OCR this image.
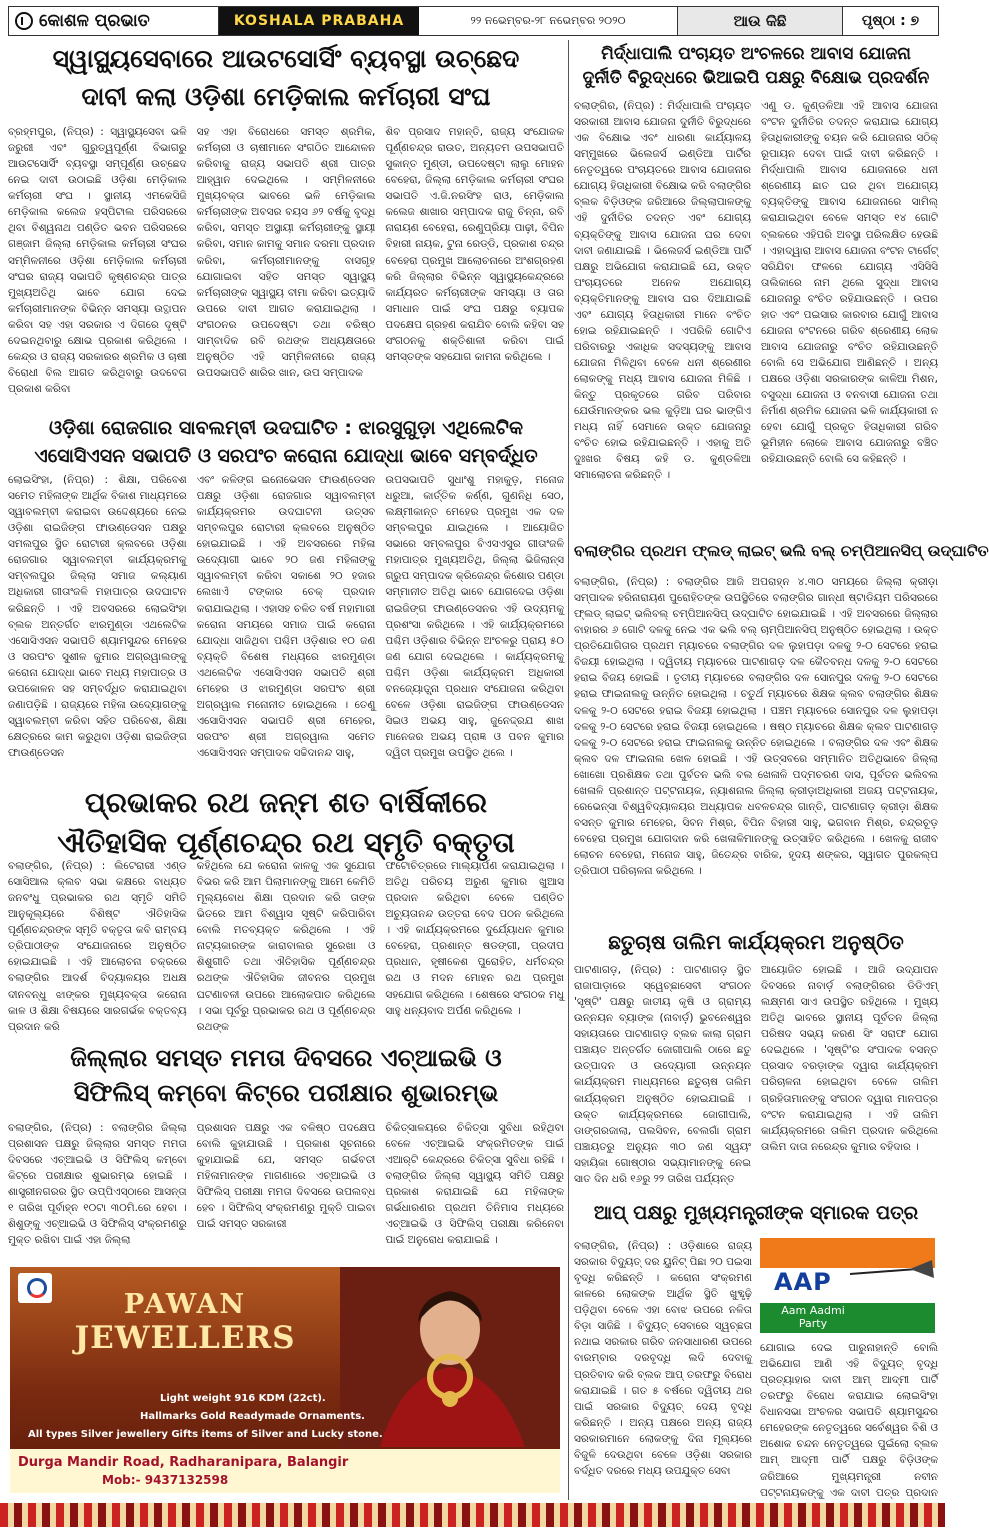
କୋଶଳ ପ୍ରଭାତ	KOSHALA PRABAHA	୨୨ ନଭେମ୍ବର-୨୮ ନଭେମ୍ବର ୨୦୨୦	ଆଉ କିଛି	ପୃଷ୍ଠା : ୭
ସ୍ୱାସ୍ଥ୍ୟସେବାରେ ଆଉଟସୋର୍ସିଂ ବ୍ୟବସ୍ଥା ଉଚ୍ଛେଦ
ଦାବୀ କଲା ଓଡ଼ିଶା ମେଡ଼ିକାଲ କର୍ମଚାରୀ ସଂଘ
ବ୍ରହ୍ମପୁର, (ନିପ୍ର) : ସ୍ୱାସ୍ଥ୍ୟସେବା ଭଳି ଜରୁରୀ ଏବଂ ଗୁରୁତ୍ୱପୂର୍ଣ୍ଣ ବିଭାଗରୁ ଆଉଟସୋର୍ସିଂ ବ୍ୟବସ୍ଥା ସମ୍ପୂର୍ଣ୍ଣ ଉଚ୍ଛେଦ ନେଇ ଦାବୀ ଉଠାଇଛି ଓଡ଼ିଶା ମେଡ଼ିକାଲ କର୍ମଚାରୀ ସଂଘ । ସ୍ଥାନୀୟ ଏମକେସିଜି ମେଡ଼ିକାଲ କଲେଜ ହସ୍ପିଟାଲ ପରିସରରେ ଥିବା ବିଶ୍ୱନାଥ ପଣ୍ଡିତ ଭବନ ପରିସରରେ ଗଞ୍ଜାମ ଜିଲ୍ଲା ମେଡ଼ିକାଲ କର୍ମଚାରୀ ସଂଘର ସମ୍ମିଳନୀରେ ଓଡ଼ିଶା ମେଡ଼ିକାଲ କର୍ମଚାରୀ ସଂଘର ରାଜ୍ୟ ସଭାପତି କୃଷ୍ଣଚନ୍ଦ୍ର ପାତ୍ର ମୁଖ୍ୟଅତିଥି ଭାବେ ଯୋଗ ଦେଇ କର୍ମଚାରୀମାନଙ୍କ ବିଭିନ୍ନ ସମସ୍ୟା ଉତ୍ଥାପନ କରିବା ସହ ଏହା ସରକାର ଏ ଦିଗରେ ଦୃଷ୍ଟି ଦେଇନଥିବାରୁ କ୍ଷୋଭ ପ୍ରକାଶ କରିଥିଲେ । କେନ୍ଦ୍ର ଓ ରାଜ୍ୟ ସରକାରର ଶ୍ରମିକ ଓ ଚାଷୀ ବିରୋଧୀ ବିଲ ଆଗତ କରିଥିବାରୁ ଉଦବେଗ ପ୍ରକାଶ କରିବା
ସହ ଏହା ବିରୋଧରେ ସମସ୍ତ ଶ୍ରମିକ, କର୍ମଚାରୀ ଓ ଚାଷୀମାନେ ସଂଗଠିତ ଆନ୍ଦୋଳନ କରିବାକୁ ରାଜ୍ୟ ସଭାପତି ଶ୍ରୀ ପାତ୍ର ଆହ୍ୱାନ ଦେଇଥିଲେ । ସମ୍ମିଳନୀରେ ମୁଖ୍ୟବକ୍ତା ଭାବରେ ଭଳି ମେଡ଼ିକାଲ କର୍ମଚାରୀଙ୍କ ଅବସର ବୟସ ୬୨ ବର୍ଷକୁ ବୃଦ୍ଧି କରିବା, ସମସ୍ତ ଅସ୍ଥାୟୀ କର୍ମଚାରୀଙ୍କୁ ସ୍ଥାୟୀ କରିବା, ସମାନ କାମକୁ ସମାନ ଦରମା ପ୍ରଦାନ କରିବା, କର୍ମଚାରୀମାନଙ୍କୁ ବାସଗୃହ ଯୋଗାଇବା ସହିତ ସମସ୍ତ ସ୍ୱାସ୍ଥ୍ୟ କର୍ମଚାରୀଙ୍କ ସ୍ୱାସ୍ଥ୍ୟ ବୀମା କରିବା ଇତ୍ୟାଦି ଉପରେ ଦାବୀ ଆଗତ କରାଯାଇଥିଲା । ସଂଗଠନର ଉପଦେଷ୍ଟା ତଥା ବରିଷ୍ଠ ସାମ୍ବାଦିକ ରବି ରଥଙ୍କ ଅଧ୍ୟକ୍ଷତାରେ ଅନୁଷ୍ଠିତ ଏହି ସମ୍ମିଳନୀରେ ରାଜ୍ୟ ଉପସଭାପତି ଶାରିର ଖାନ, ଉପ ସମ୍ପାଦକ
ଶିବ ପ୍ରସାଦ ମହାନ୍ତି, ରାଜ୍ୟ ସଂଯୋଜକ ପୂର୍ଣ୍ଣଚନ୍ଦ୍ର ରାଉତ, ଅନ୍ୟତମ ଉପସଭାପତି ସୁକାନ୍ତ ମୁଣ୍ଡୀ, ଉପଦେଷ୍ଟା ଲାଲୁ ମୋହନ ବେହେରା, ଜିଲ୍ଲା ମେଡ଼ିକାଲ କର୍ମଚାରୀ ସଂଘର ସଭାପତି ଏ.ଜି.ନରସିଂହ ରାଓ, ମେଡ଼ିକାଲ କଲେଜ ଶାଖାର ସମ୍ପାଦକ ରାଜୁ ଚିନ୍ନା, ରବି ନାରାୟଣ ବେହେରା, ରେଣୁପ୍ରିୟା ପାଢ଼ୀ, ବିପିନ ବିହାରୀ ନାୟକ, ଟୁନା ରେଡ୍ଡି, ପ୍ରକାଶ ଚନ୍ଦ୍ର ବେହେରା ପ୍ରମୁଖ ଆଲୋଚନାରେ ଅଂଶଗ୍ରହଣ କରି ଜିଲ୍ଲାର ବିଭିନ୍ନ ସ୍ୱାସ୍ଥ୍ୟକେନ୍ଦ୍ରରେ କାର୍ଯ୍ୟରତ କର୍ମଚାରୀଙ୍କ ସମସ୍ୟା ଓ ତାର ସମାଧାନ ପାଇଁ ସଂଘ ପକ୍ଷରୁ ବ୍ୟାପକ ପଦକ୍ଷେପ ଗ୍ରହଣ କରାଯିବ ବୋଲି କହିବା ସହ ସଂଗଠନକୁ ଶକ୍ତିଶାଳୀ କରିବା ପାଇଁ ସମସ୍ତଙ୍କ ସହଯୋଗ କାମନା କରିଥିଲେ ।
ଓଡ଼ିଶା ରୋଜଗାର ସାବଲମ୍ବୀ ଉଦଘାଟିତ : ଝାରସୁଗୁଡ଼ା ଏଥିଲେଟିକ
ଏସୋସିଏସନ ସଭାପତି ଓ ସରପଂଚ କରୋନା ଯୋଦ୍ଧା ଭାବେ ସମ୍ବର୍ଦ୍ଧିତ
ଲୋଇସିଂହା, (ନିପ୍ର) : ଶିକ୍ଷା, ପରିବେଶ ସମେତ ମହିଳାଙ୍କ ଆର୍ଥିକ ବିକାଶ ମାଧ୍ୟମରେ ସ୍ୱାବଲମ୍ବୀ କରାଇବା ଉଦ୍ଦେଶ୍ୟରେ ନେଇ ଓଡ଼ିଶା ରାଇଜିଙ୍ଗ ଫାଉଣ୍ଡେସନ ପକ୍ଷରୁ ସମଲପୁର ସ୍ଥିତ ରୋଟାରୀ କ୍ଲବରେ ଓଡ଼ିଶା ରୋଜଗାର ସ୍ୱାବଲମ୍ବୀ କାର୍ଯ୍ୟକ୍ରମକୁ ସମ୍ବଲପୁର ଜିଲ୍ଲା ସମାଜ କଲ୍ୟାଣ ଅଧିକାରୀ ଗୀତାଂଜଳି ମହାପାତ୍ର ଉଦଘାଟନ କରିଛନ୍ତି । ଏହି ଅବସରରେ ଲୋଇସିଂହା ବ୍ଲକ ଅନ୍ତର୍ଗତ ଝାରମୁଣ୍ଡା ଏଥଲେଟିକ ଏସୋସିଏସନ ସଭାପତି ଶ୍ୟାମସୁନ୍ଦର ମେହେର ଓ ସରପଂଚ ସୁଶୀଳ କୁମାର ଅଗ୍ରୱାଲଙ୍କୁ କରୋନା ଯୋଦ୍ଧା ଭାବେ ମଧ୍ୟ ମହାପାତ୍ର ଓ ଉପକୋଳନ ସହ ସମ୍ବର୍ଦ୍ଧିତ କରାଯାଇଥିବା ଜଣାପଡ଼ିଛି । ରାଜ୍ୟରେ ମହିଳା ଉଦ୍ୟୋଗଙ୍କୁ ସ୍ୱାବଲମ୍ବୀ କରିବା ସହିତ ପରିବେଶ, ଶିକ୍ଷା କ୍ଷେତ୍ରରେ କାମ କରୁଥିବା ଓଡ଼ିଶା ରାଇଜିଙ୍ଗ ଫାଉଣ୍ଡେସନ
ଏବଂ କଳିଙ୍ଗ ଇନୋଭେସନ ଫାଉଣ୍ଡେସନ ପକ୍ଷରୁ ଓଡ଼ିଶା ରୋଜଗାର ସ୍ୱାବଲମ୍ବୀ କାର୍ଯ୍ୟକ୍ରମର ଉଦଘାଟନୀ ଉତ୍ସବ ସମ୍ବଲପୁର ରୋଟାରୀ କ୍ଲବରେ ଅନୁଷ୍ଠିତ ହୋଇଯାଇଛି । ଏହି ଅବସରରେ ମହିଳା ଉଦ୍ୟୋଗୀ ଭାବେ ୨୦ ଜଣ ମହିଳାଙ୍କୁ ସ୍ୱାବଲମ୍ବୀ କରିବା ସକାଶେ ୨୦ ହଜାର ଲେଖାଏଁ ଟଙ୍କାର ଚେକ୍ ପ୍ରଦାନ କରାଯାଇଥିଲା । ଏହାସହ ଚଳିତ ବର୍ଷ ମହାମାରୀ କରୋନା ସମୟରେ ସମାଜ ପାଇଁ କରୋନା ଯୋଦ୍ଧା ସାଜିଥିବା ପଶ୍ଚିମ ଓଡ଼ିଶାର ୧୦ ଜଣ ବ୍ୟକ୍ତି ବିଶେଷ ମଧ୍ୟରେ ଝାରମୁଣ୍ଡା ଏଥଲେଟିକ ଏସୋସିଏସନ ସଭାପତି ଶ୍ରୀ ମେହେର ଓ ଝାରମୁଣ୍ଡା ସରପଂଚ ଶ୍ରୀ ଅଗ୍ରୱାଲ ମନୋନୀତ ହୋଇଥିଲେ । ତେଣୁ ଏସୋସିଏସନ ସଭାପତି ଶ୍ରୀ ମେହେର, ସରପଂଚ ଶ୍ରୀ ଅଗ୍ରୱାଲ ସମେତ ଏସୋସିଏସନ ସମ୍ପାଦକ ସଚ୍ଚିଦାନନ୍ଦ ସାହୁ,
ଉପସଭାପତି ସୁଧାଂଶୁ ମହାକୁଡ଼, ମନୋଜ ଧରୁଆ, କାର୍ତ୍ତିକ କର୍ଣ୍ଣ, ଗୁଣନିଧି ସେଠ, ଲକ୍ଷ୍ମୀକାନ୍ତ ମେହେର ପ୍ରମୁଖ ଏକ ଦଳ ସମ୍ବଲପୁର ଯାଇଥିଲେ । ଆୟୋଜିତ ସଭାରେ ସମ୍ବଲପୁର ବିଏସଏସୁର ଗୀତାଂଜଳି ମହାପାତ୍ର ମୁଖ୍ୟଅତିଥି, ଜିଲ୍ଲା ଭିଜିଲାନ୍ସ ଗ୍ରୁପ ସମ୍ପାଦକ କ୍ରିଜେନ୍ଦ୍ର କିଶୋର ପଣ୍ଡା ସମ୍ମାନୀତ ଅତିଥି ଭାବେ ଯୋଗଦେଇ ଓଡ଼ିଶା ରାଇଜିଙ୍ଗ ଫାଉଣ୍ଡେସନର ଏହି ଉଦ୍ୟମକୁ ପ୍ରଶଂସା କରିଥିଲେ । ଏହି କାର୍ଯ୍ୟକ୍ରମରେ ପଶ୍ଚିମ ଓଡ଼ିଶାର ବିଭିନ୍ନ ଅଂଚଳରୁ ପ୍ରାୟ ୫୦ ଜଣ ଯୋଗ ଦେଇଥିଲେ । କାର୍ଯ୍ୟକ୍ରମକୁ ପଶ୍ଚିମ ଓଡ଼ିଶା କାର୍ଯ୍ୟକ୍ରମ ଅଧିକାରୀ ବନଜ୍ୟୋତ୍ସ୍ନା ପ୍ରଧାନ ସଂଯୋଜନା କରିଥିବା ବେଳେ ଓଡ଼ିଶା ରାଇଜିଙ୍ଗ ଫାଉଣ୍ଡେସନ ସିଇଓ ଅଭୟ ସାହୁ, ଜୁନେଦ୍ଦ୍ରଯ ଶାଖ ମାନେଜର ଅଭୟ ପ୍ରାଜ୍ଞ ଓ ପବନ କୁମାର ଦ୍ୱିତୀ ପ୍ରମୁଖ ଉପସ୍ଥିତ ଥିଲେ ।
ପ୍ରଭାକର ରଥ ଜନ୍ମ ଶତ ବାର୍ଷିକୀରେ
ଐତିହାସିକ ପୂର୍ଣ୍ଣଚନ୍ଦ୍ର ରଥ ସ୍ମୃତି ବକ୍ତୃତା
ବଲାଙ୍ଗିର, (ନିପ୍ର) : ଲିଟେରାରୀ ଏଣ୍ଡ ସୋସିଆଲ କ୍ଲବ ସଭା କକ୍ଷରେ ବାଧ୍ୟତ ଜନବଂଧୁ ପ୍ରଭାକର ରଥ ସ୍ମୃତି ସମିତି ଆନୁକୂଲ୍ୟରେ ବିଶିଷ୍ଟ ଐତିହାସିକ ପୂର୍ଣ୍ଣଚନ୍ଦ୍ରଙ୍କ ସ୍ମୃତି ବକ୍ତୃତା କବି ରାମ୍ବୟ ତ୍ରିପାଠୀଙ୍କ ସଂଯୋଜନାରେ ଅନୁଷ୍ଠିତ ହୋଇଯାଇଛି । ଏହି ଆଲୋଚନା ଚକ୍ରରେ ବଲାଙ୍ଗିର ଆଦର୍ଶ ବିଦ୍ୟାଳୟର ଅଧକ୍ଷ ଦୀନବନ୍ଧୁ ଝାଙ୍କର ମୁଖ୍ୟବକ୍ତା କରୋନା କାଳ ଓ ଶିକ୍ଷା ବିଷୟରେ ସାରଗର୍ଭକ ବକ୍ତବ୍ୟ ପ୍ରଦାନ କରି
କହିଥିଲେ ଯେ କରୋନା କାଳକୁ ଏକ ସୁଯୋଗ ବିଭର କରି ଆମ ପିଲାମାନଙ୍କୁ ଆମେ କେମିତି ମୂଲ୍ୟବୋଧ ଶିକ୍ଷା ପ୍ରଦାନ କରି ତାଙ୍କ ଭିତରେ ଆମ ବିଶ୍ୱାସ ସୃଷ୍ଟି କରିପାରିବା ବୋଲି ମତବ୍ୟକ୍ତ କରିଥିଲେ । ଏହି ନାଟ୍ୟକାରଙ୍କ କାରାବାଲର ସୁରେଖା ଓ ଶିଶୁଗୀତି ତଥା ଐତିହାସିକ ପୂର୍ଣ୍ଣଚନ୍ଦ୍ର ରଥଙ୍କ ଐତିହାସିକ ଜୀବନର ପ୍ରମୁଖ ଘଟଣାବଳୀ ଉପରେ ଆଲୋକପାତ କରିଥିଲେ । ସଭା ପୂର୍ବରୁ ପ୍ରଭାକର ରଥ ଓ ପୂର୍ଣ୍ଣଚନ୍ଦ୍ର ରଥଙ୍କ
ଫଟୋଚିତ୍ରରେ ମାଲ୍ୟାର୍ପଣ କରାଯାଇଥିଲା । ଅତିଥି ପରିଚୟ ଅରୁଣ କୁମାର ଖୁଆସ ପ୍ରଦାନ କରିଥିବା ବେଳେ ପଣ୍ଡିତ ଅଚ୍ୟୁତାନନ୍ଦ ଉତ୍ତରା ବେଦ ପଠନ କରିଥିଲେ । ଏହି କାର୍ଯ୍ୟକ୍ରମରେ ଦୁର୍ଯ୍ୟୋଧନ କୁମାର ବେହେରା, ପ୍ରଶାନ୍ତ ଷଡଙ୍ଗୀ, ପ୍ରଦୀପ ପ୍ରଧାନ, ହୃଷୀକେଶ ପୁରୋହିତ, ଧର୍ମଚନ୍ଦ୍ର ରଥ ଓ ମଦନ ମୋହନ ରଥ ପ୍ରମୁଖ ସହଯୋଗ କରିଥିଲେ । ଶେଷରେ ସଂଗଠକ ମଧୁ ସାହୁ ଧନ୍ୟବାଦ ଅର୍ପଣ କରିଥିଲେ ।
ଜିଲ୍ଲାର ସମସ୍ତ ମମତା ଦିବସରେ ଏଚ୍‌ଆଇଭି ଓ
ସିଫିଲିସ୍ କମ୍ବୋ କିଟ୍‌ରେ ପରୀକ୍ଷାର ଶୁଭାରମ୍ଭ
ବଲାଙ୍ଗିର, (ନିପ୍ର) : ବଲାଙ୍ଗିର ଜିଲ୍ଲା ପ୍ରଶାସନ ପକ୍ଷରୁ ଜିଲ୍ଲାର ସମସ୍ତ ମମତା ଦିବସରେ ଏଚ୍‌ଆଇଭି ଓ ସିଫିଲିସ୍ କମ୍ବୋ କିଟ୍‌ରେ ପରୀକ୍ଷାର ଶୁଭାରମ୍ଭ ହୋଇଛି । ଶାସ୍ତ୍ରୀନଗରର ସ୍ଥିତ ଉପ୍ପିଏସ୍‌ଠାରେ ଆସନ୍ତା ୧ ତାରିଖ ପୂର୍ବାହ୍ନ ୧୦ଟା ୩୦ମି.ରେ ହେବା । ଶିଶୁଙ୍କୁ ଏଚ୍‌ଆଇଭି ଓ ସିଫିଲିସ୍ ସଂକ୍ରମଣରୁ ମୁକ୍ତ ରଖିବା ପାଇଁ ଏହା ଜିଲ୍ଲା
ପ୍ରଶାସନ ପକ୍ଷରୁ ଏକ ବଳିଷ୍ଠ ପଦକ୍ଷେପ ବୋଲି କୁହାଯାଉଛି । ପ୍ରକାଶ ସୂଚନାରେ କୁହାଯାଇଛି ଯେ, ସମସ୍ତ ଗର୍ଭବତୀ ମହିଳାମାନଙ୍କ ମାଗଣାରେ ଏଚ୍‌ଆଇଭି ଓ ସିଫିଲିସ୍ ପରୀକ୍ଷା ମମତା ଦିବସରେ ଉପଲବ୍ଧ ହେବ । ସିଫିଲିସ୍ ସଂକ୍ରମଣରୁ ମୁକ୍ତି ପାଇବା ପାଇଁ ସମସ୍ତ ସରକାରୀ
ଚିକିତ୍ସାଳୟରେ ଚିକିତ୍ସା ସୁବିଧା ରହିଥିବା ବେଳେ ଏଚ୍‌ଆଇଭି ସଂକ୍ରମିତଙ୍କ ପାଇଁ ଏଆର୍‌ଟି କେନ୍ଦ୍ରରେ ଚିକିତ୍ସା ସୁବିଧା ରହିଛି । ବଲାଙ୍ଗିର ଜିଲ୍ଲା ସ୍ୱାସ୍ଥ୍ୟ ସମିତି ପକ୍ଷରୁ ପ୍ରକାଶ କରାଯାଇଛି ଯେ ମହିଳାଙ୍କ ଗର୍ଭଧାରଣର ପ୍ରଥମ ତିନିମାସ ମଧ୍ୟରେ ଏଚ୍‌ଆଇଭି ଓ ସିଫିଲିସ୍ ପରୀକ୍ଷା କରିନେବା ପାଇଁ ଅନୁରୋଧ କରାଯାଇଛି ।
ମିର୍ଦ୍ଧାପାଲି ପଂଚାୟତ ଅଂଚଳରେ ଆବାସ ଯୋଜନା
ଦୁର୍ନୀତି ବିରୁଦ୍ଧରେ ଭିଆଇପି ପକ୍ଷରୁ ବିକ୍ଷୋଭ ପ୍ରଦର୍ଶନ
ବଲାଙ୍ଗିର, (ନିପ୍ର) : ମିର୍ଦ୍ଧାପାଲି ପଂଚାୟତ ସରକାରୀ ଆବାସ ଯୋଜନା ଦୁର୍ନୀତି ବିରୁଦ୍ଧରେ ଏକ ବିକ୍ଷୋଭ ଏବଂ ଧାରଣା କାର୍ଯ୍ୟାଳୟ ସମ୍ମୁଖରେ ଭିଲେଜର୍ସ ଇଣ୍ଡିଆ ପାର୍ଟିର ନେତୃତ୍ୱରେ ପଂଚାୟତରେ ଆବାସ ଯୋଜନାର ଯୋଗ୍ୟ ହିତାଧିକାରୀ ବିକ୍ଷୋଭ କରି ବଲାଙ୍ଗିର ବ୍ଲକ ବିଡ଼ିଓଙ୍କ ଜରିଆରେ ଜିଲ୍ଲାପାଳଙ୍କୁ ଏହି ଦୁର୍ନୀତିର ତଦନ୍ତ ଏବଂ ଯୋଗ୍ୟ ବ୍ୟକ୍ତିଙ୍କୁ ଆବାସ ଯୋଜନା ଘର ଦେବା ଦାବୀ ଜଣାଯାଇଛି । ଭିଲେଜର୍ସ ଇଣ୍ଡିଆ ପାର୍ଟି ପକ୍ଷରୁ ଅଭିଯୋଗ କରାଯାଇଛି ଯେ, ଉକ୍ତ ପଂଚାୟତରେ ଅନେକ ଅଯୋଗ୍ୟ ବ୍ୟକ୍ତିମାନଙ୍କୁ ଆବାସ ଘର ଦିଆଯାଇଛି ଏବଂ ଯୋଗ୍ୟ ହିତାଧିକାରୀ ମାନେ ବଂଚିତ ହୋଇ ରହିଯାଇଛନ୍ତି । ଏପରିକି ଗୋଟିଏ ପରିବାରରୁ ଏକାଧିକ ସଦସ୍ୟଙ୍କୁ ଆବାସ ଯୋଜନା ମିଳିଥିବା ବେଳେ ଧନୀ ଶ୍ରେଣୀର ଲୋକଙ୍କୁ ମଧ୍ୟ ଆବାସ ଯୋଜନା ମିଳିଛି । କିନ୍ତୁ ପ୍ରକୃତରେ ଗରିବ ପରିବାର ଯେଉଁମାନଙ୍କର ଭଲ କୁଡ଼ିଆ ଘର ଭାଙ୍ଗିଏ ମଧ୍ୟ ନାହିଁ ସେମାନେ ଉକ୍ତ ଯୋଜନାରୁ ବଂଚିତ ହୋଇ ରହିଯାଇଛନ୍ତି । ଏହାକୁ ଅତି ଦୁଃଖର ବିଷୟ କହି ଡ. କୁଣ୍ଡଳିଆ ସମାଲୋଚନା କରିଛନ୍ତି ।
ଏଣୁ ଡ. କୁଣ୍ଡଳିଆ ଏହି ଆବାସ ଯୋଜନା ବଂଟନ ଦୁର୍ନୀତିର ତଦନ୍ତ କରାଯାଇ ଯୋଗ୍ୟ ହିତାଧିକାରୀଙ୍କୁ ଚୟନ କରି ଯୋଜନାର ସଠିକ୍ ରୂପାୟନ ଦେବା ପାଇଁ ଦାବୀ କରିଛନ୍ତି । ମିର୍ଦ୍ଧାପାଲି ଆବାସ ଯୋଜନାରେ ଧନୀ ଶ୍ରେଣୀୟ ଛାତ ଘର ଥିବା ଅଯୋଗ୍ୟ ବ୍ୟକ୍ତିଙ୍କୁ ଆବାସ ଯୋଜନାରେ ସାମିଲ୍ କରାଯାଇଥିବା ବେଳେ ସମସ୍ତ ୧୪ ଗୋଟି ବ୍ଲକରେ ଏହିପରି ଅବସ୍ଥା ପରିଲକ୍ଷିତ ହେଉଛି । ଏହାଦ୍ୱାରା ଆବାସ ଯୋଜନା ବଂଟନ ଟାର୍ଗେଟ୍ ସରିଯିବା ଫଳରେ ଯୋଗ୍ୟ ଏସିସିସି ତାଲିକାରେ ନାମ ଥିଲେ ସୁଦ୍ଧା ଆବାସ ଯୋଜନାରୁ ବଂଚିତ ରହିଯାଉଛନ୍ତି । ଉପର ହାତ ଏବଂ ପଇସାର କାରବାର ଯୋଗୁଁ ଆବାସ ଯୋଜନା ବଂଟନରେ ଗରିବ ଶ୍ରେଣୀୟ ଲୋକ ଆବାସ ଯୋଜନାରୁ ବଂଚିତ ରହିଯାଉଛନ୍ତି ବୋଲି ସେ ଅଭିଯୋଗ ଆଣିଛନ୍ତି । ଅନ୍ୟ ପକ୍ଷରେ ଓଡ଼ିଶା ସରକାରଙ୍କ କାଳିଆ ମିଶନ, ବସୁଦ୍ଧା ଯୋଜନା ଓ ବନବାସୀ ଯୋଜନା ତଥା ନିର୍ମାଣ ଶ୍ରମିକ ଯୋଜନା ଭଳି କାର୍ଯ୍ୟକାରୀ ନ ହେବା ଯୋଗୁଁ ପ୍ରକୃତ ହିତାଧିକାରୀ ଗରିବ ଭୂମିହୀନ ଲୋକେ ଆବାସ ଯୋଜନାରୁ ବଞ୍ଚିତ ରହିଯାଉଛନ୍ତି ବୋଲି ସେ କହିଛନ୍ତି ।
ବଲାଙ୍ଗିର ପ୍ରଥମ ଫ୍ଲଡ୍ ଲାଇଟ୍ ଭଲି ବଲ୍ ଚମ୍ପିଆନସିପ୍ ଉଦ୍‌ଘାଟିତ
ବଲାଙ୍ଗିର, (ନିପ୍ର) : ବଲାଙ୍ଗିର ଆଜି ଅପରାହ୍ନ ୪.୩୦ ସମୟରେ ଜିଲ୍ଲା କ୍ରୀଡ଼ା ସମ୍ପାଦକ ହରିନାରାୟଣ ପୁରୋହିତଙ୍କ ଉପସ୍ଥିତିରେ ବଲାଙ୍ଗିର ଗାନ୍ଧୀ ଷ୍ଟାଡିୟମ ପରିସରରେ ଫ୍ଲଡ୍ ଲାଇଟ୍ ଭଲିବଲ୍ ଚମ୍ପିଆନସିପ୍ ଉଦ୍‌ଘାଟିତ ହୋଇଯାଇଛି । ଏହି ଅବସରରେ ଜିଲ୍ଲାର ବାହାରର ୬ ଗୋଟି ଦଳକୁ ନେଇ ଏକ ଭଲି ବଲ୍ ଚାମ୍ପିଆନସିପ୍ ଅନୁଷ୍ଠିତ ହୋଇଥିଲା । ଉକ୍ତ ପ୍ରତିଯୋଗିତାର ପ୍ରଥମ ମ୍ୟାଚରେ ବଲାଙ୍ଗିର ଦଳ ଲୁହାପଡ଼ା ଦଳକୁ ୨-୦ ସେଟରେ ହରାଇ ବିଜୟୀ ହୋଇଥିଲା । ଦ୍ୱିତୀୟ ମ୍ୟାଚରେ ପାଟଣାଗଡ଼ ଦଳ କୈତବନ୍ଧ ଦଳକୁ ୨-୦ ସେଟରେ ହରାଇ ବିଜୟ ହୋଇଛି । ତୃତୀୟ ମ୍ୟାଚରେ ବଲାଙ୍ଗିର ଦଳ ସୋନପୁର ଦଳକୁ ୨-୦ ସେଟରେ ହରାଇ ଫାଇନାଲକୁ ଉନ୍ନିତ ହୋଇଥିଲା । ଚତୁର୍ଥ ମ୍ୟାଚରେ ଶିକ୍ଷକ କ୍ଲବ ବଲାଙ୍ଗିର ଶିକ୍ଷକ ଦଳକୁ ୨-୦ ସେଟରେ ହରାଇ ବିଜୟୀ ହୋଇଥିଲା । ପଞ୍ଚମ ମ୍ୟାଚରେ ସୋନପୁର ଦଳ ଲୁହାପଡ଼ା ଦଳକୁ ୨-୦ ସେଟରେ ହରାଇ ବିଜୟୀ ହୋଇଥିଲେ । ଷଷ୍ଠ ମ୍ୟାଚରେ ଶିକ୍ଷକ କ୍ଲବ ପାଟଣାଗଡ଼ ଦଳକୁ ୨-୦ ସେଟରେ ହରାଇ ଫାଇନାଲକୁ ଉନ୍ନିତ ହୋଇଥିଲେ । ବଲାଙ୍ଗିର ଦଳ ଏବଂ ଶିକ୍ଷକ କ୍ଲବ ଦଳ ଫାଇନାଲ ଖେଳ ହୋଇଛି । ଏହି ଉତ୍ସବରେ ସମ୍ମାନିତ ଅତିଥିଭାବେ ଜିଲ୍ଲା ଖୋଖୋ ପ୍ରଶିକ୍ଷକ ତଥା ପୁର୍ବତନ ଭଲି ବଲ ଖେଳାଳି ପଦ୍ମଚରଣ ଦାସ, ପୂର୍ବତନ ଭଲିବଲ ଖେଳାଳି ପ୍ରଶାନ୍ତ ପଟ୍ଟନାୟକ, ନ୍ୟାଶନାଲ ଜିଲ୍ଲା କ୍ରୀଡ଼ାଅଧିକାରୀ ଅଜୟ ପଟ୍ଟନାୟକ, ରେଭେନ୍ସା ବିଶ୍ୱବିଦ୍ୟାଳୟର ଅଧ୍ୟାପକ ଧବଳଚନ୍ଦ୍ର ଗାନ୍ତି, ପାଟଣାଗଡ଼ କ୍ରୀଡ଼ା ଶିକ୍ଷକ ବସନ୍ତ କୁମାର ମେହେର, ସିବନ ମିଶ୍ର, ବିପିନ ବିହାରୀ ସାହୁ, ଭଗବାନ ମିଶ୍ର, ଚନ୍ଦ୍ରଚୂଡ଼ ବେହେରା ପ୍ରମୁଖ ଯୋଗଦାନ କରି ଖେଳାଳିମାନଙ୍କୁ ଉତ୍ସାହିତ କରିଥିଲେ । ଖେଳକୁ ରାଜୀବ ଲୋଚନ ବେହେରା, ମନୋଜ ସାହୁ, ଜିତେନ୍ଦ୍ର ବାରିକ, ହୃଦୟ ଶଙ୍କର, ସ୍ୱାଗତ ପୁରକଲ୍ପ ତ୍ରିପାଠୀ ପରିଚାଳନା କରିଥିଲେ ।
ଛତୁଚାଷ ତାଲିମ କାର୍ଯ୍ୟକ୍ରମ ଅନୁଷ୍ଠିତ
ପାଟଣାଗଡ଼, (ନିପ୍ର) : ପାଟଣାଗଡ଼ ସ୍ଥିତ ରାଜାପାଡ଼ାରେ ସ୍ୱେଚ୍ଛାସେବୀ ସଂଗଠନ 'ସୃଷ୍ଟି' ପକ୍ଷରୁ ଜାତୀୟ କୃଷି ଓ ଗ୍ରାମ୍ୟ ଉନ୍ନୟନ ବ୍ୟାଙ୍କ (ନାବାର୍ଡ଼) ଭୁବନେଶ୍ୱର ସହାୟତାରେ ପାଟଣାଗଡ଼ ବ୍ଲକ କାଲା ଗ୍ରାମ ପଞ୍ଚାୟତ ଅନ୍ତର୍ଗତ ଜୋଗୀପାଲି ଠାରେ ଛତୁ ଉତ୍ପାଦନ ଓ ଉଦ୍ୟୋଗୀ ଉନ୍ନୟନ କାର୍ଯ୍ୟକ୍ରମ ମାଧ୍ୟମରେ ଛତୁଚାଷ ତାଲିମ କାର୍ଯ୍ୟକ୍ରମ ଅନୁଷ୍ଠିତ ହୋଇଯାଇଛି । ଉକ୍ତ କାର୍ଯ୍ୟକ୍ରମରେ ଜୋଗୀପାଲି, ଡାଙ୍ଗରଜାଲା, ପଲସିବନ, ବେଲଗାଁ ଗ୍ରାମ ପଞ୍ଚାୟତରୁ ଅନ୍ୟୁନ ୩୦ ଜଣ ସ୍ୱୟଂ ସହାୟିକା ଗୋଷ୍ଠୀର ସଭ୍ୟାମାନଙ୍କୁ ନେଇ ସାତ ଦିନ ଧରି ୧୬ରୁ ୨୨ ତାରିଖ ପର୍ଯ୍ୟନ୍ତ
ଆୟୋଜିତ ହୋଇଛି । ଆଜି ଉଦ୍‌ଯାପନ ଦିବସରେ ନାବାର୍ଡ଼ ବଲାଙ୍ଗିରର ଡିଡିଏମ୍ ଲକ୍ଷ୍ମଣ ସାଏ ଉପସ୍ଥିତ ରହିଥିଲେ । ମୁଖ୍ୟ ଅତିଥି ଭାବରେ ସ୍ଥାନୀୟ ପୂର୍ବତନ ଜିଲ୍ଲା ପରିଷଦ ସଭ୍ୟ କରଣ ସିଂ ସରାଫ ଯୋଗ ଦେଇଥିଲେ । 'ସୃଷ୍ଟି'ର ସଂପାଦକ ବସନ୍ତ ପ୍ରସାଦ ବରଡ଼ାଙ୍କ ଦ୍ୱାରା କାର୍ଯ୍ୟକ୍ରମ ପରିଚାଳନା ହୋଇଥିବା ବେଳେ ତାଲିମ ଗ୍ରହିତାମାନଙ୍କୁ ସଂଗଠନ ଦ୍ୱାରା ମାନପତ୍ର ବଂଟନ କରାଯାଇଥିଲା । ଏହି ତାଲିମ କାର୍ଯ୍ୟକ୍ରମରେ ତାଲିମ ପ୍ରଦାନ କରିଥିଲେ ତାଲିମ ଦାତା ନରେନ୍ଦ୍ର କୁମାର ବହିଦାର ।
ଆପ୍ ପକ୍ଷରୁ ମୁଖ୍ୟମନ୍ତ୍ରୀଙ୍କ ସ୍ମାରକ ପତ୍ର
ବଲାଙ୍ଗିର, (ନିପ୍ର) : ଓଡ଼ିଶାରେ ରାଜ୍ୟ ସରକାର ବିଦ୍ୟୁତ୍ ଦର ୟୁନିଟ୍ ପିଛା ୨୦ ପଇସା ବୃଦ୍ଧି କରିଛନ୍ତି । କରୋନା ସଂକ୍ରମଣ କାଳରେ ଲୋକଙ୍କ ଆର୍ଥିକ ସ୍ଥିତି ଖୁବ୍ଦୃଢ଼ି ପଡ଼ିଥିବା ବେଳେ ଏହା ବୋଝ ଉପରେ ନଳିତା ବିଡ଼ା ସାଜିଛି । ବିଦ୍ୟୁତ୍ ସେବାରେ ସ୍ୱଚ୍ଛତା ନଥାଇ ସରକାର ଗରିବ ଜନସାଧାରଣ ଉପରେ ବାରମ୍ବାର ଦରବୃଦ୍ଧି ଲଦି ଦେବାକୁ ପ୍ରତିବାଦ କରି ବ୍ଲକ ଆପ୍ ତରଫରୁ ବିରୋଧ କରାଯାଇଛି । ଗତ ୫ ବର୍ଷରେ ଦ୍ୱିତୀୟ ଥର ପାଇଁ ସରକାର ବିଦ୍ୟୁତ୍ ଦେୟ ବୃଦ୍ଧି କରିଛନ୍ତି । ଅନ୍ୟ ପକ୍ଷରେ ଅନ୍ୟ ରାଜ୍ୟ ସରକାରମାନେ ଲୋକଙ୍କୁ ଦିନା ମୂଲ୍ୟରେ ବିଜୁଳି ଦେଉଥିବା ବେଳେ ଓଡ଼ିଶା ସରକାର ବର୍ଦ୍ଧିତ ଦରରେ ମଧ୍ୟ ଉପଯୁକ୍ତ ସେବା
ଯୋଗାଇ ଦେଇ ପାରୁନାହାନ୍ତି ବୋଲି ଅଭିଯୋଗ ଆଣି ଏହି ବିଦ୍ୟୁତ୍ ବୃଦ୍ଧି ପ୍ରତ୍ୟାହାର ଦାବୀ ଆମ୍ ଆଦ୍‌ମୀ ପାର୍ଟି ତରଫରୁ ବିରୋଧ କରାଯାଇ ଲୋଇସିଂହା ବିଧାନସଭା ଅଂଚଳର ସଭାପତି ଶ୍ୟାମସୁନ୍ଦର ମେହେରଙ୍କ ନେତୃତ୍ୱରେ ସର୍ବେଶ୍ୱର ବିଶି ଓ ଅଶୋକ ଚନ୍ଦନ ନେତୃତ୍ୱରେ ପୁଇଁଲୋ ବ୍ଲକ ଆମ୍ ଆଦ୍‌ମୀ ପାର୍ଟି ପକ୍ଷରୁ ବିଡ଼ିଓଙ୍କ ଜରିଆରେ ମୁଖ୍ୟମନ୍ତ୍ରୀ ନବୀନ ପଟ୍ଟନାୟକଙ୍କୁ ଏକ ଦାବୀ ପତ୍ର ପ୍ରଦାନ
AAP
Aam Aadmi
Party
PAWAN
JEWELLERS
Light weight 916 KDM (22ct).
Hallmarks Gold Readymade Ornaments.
All types Silver jewellery Gifts items of Silver and Lucky stone.
Durga Mandir Road, Radharanipara, Balangir
Mob:- 9437132598
